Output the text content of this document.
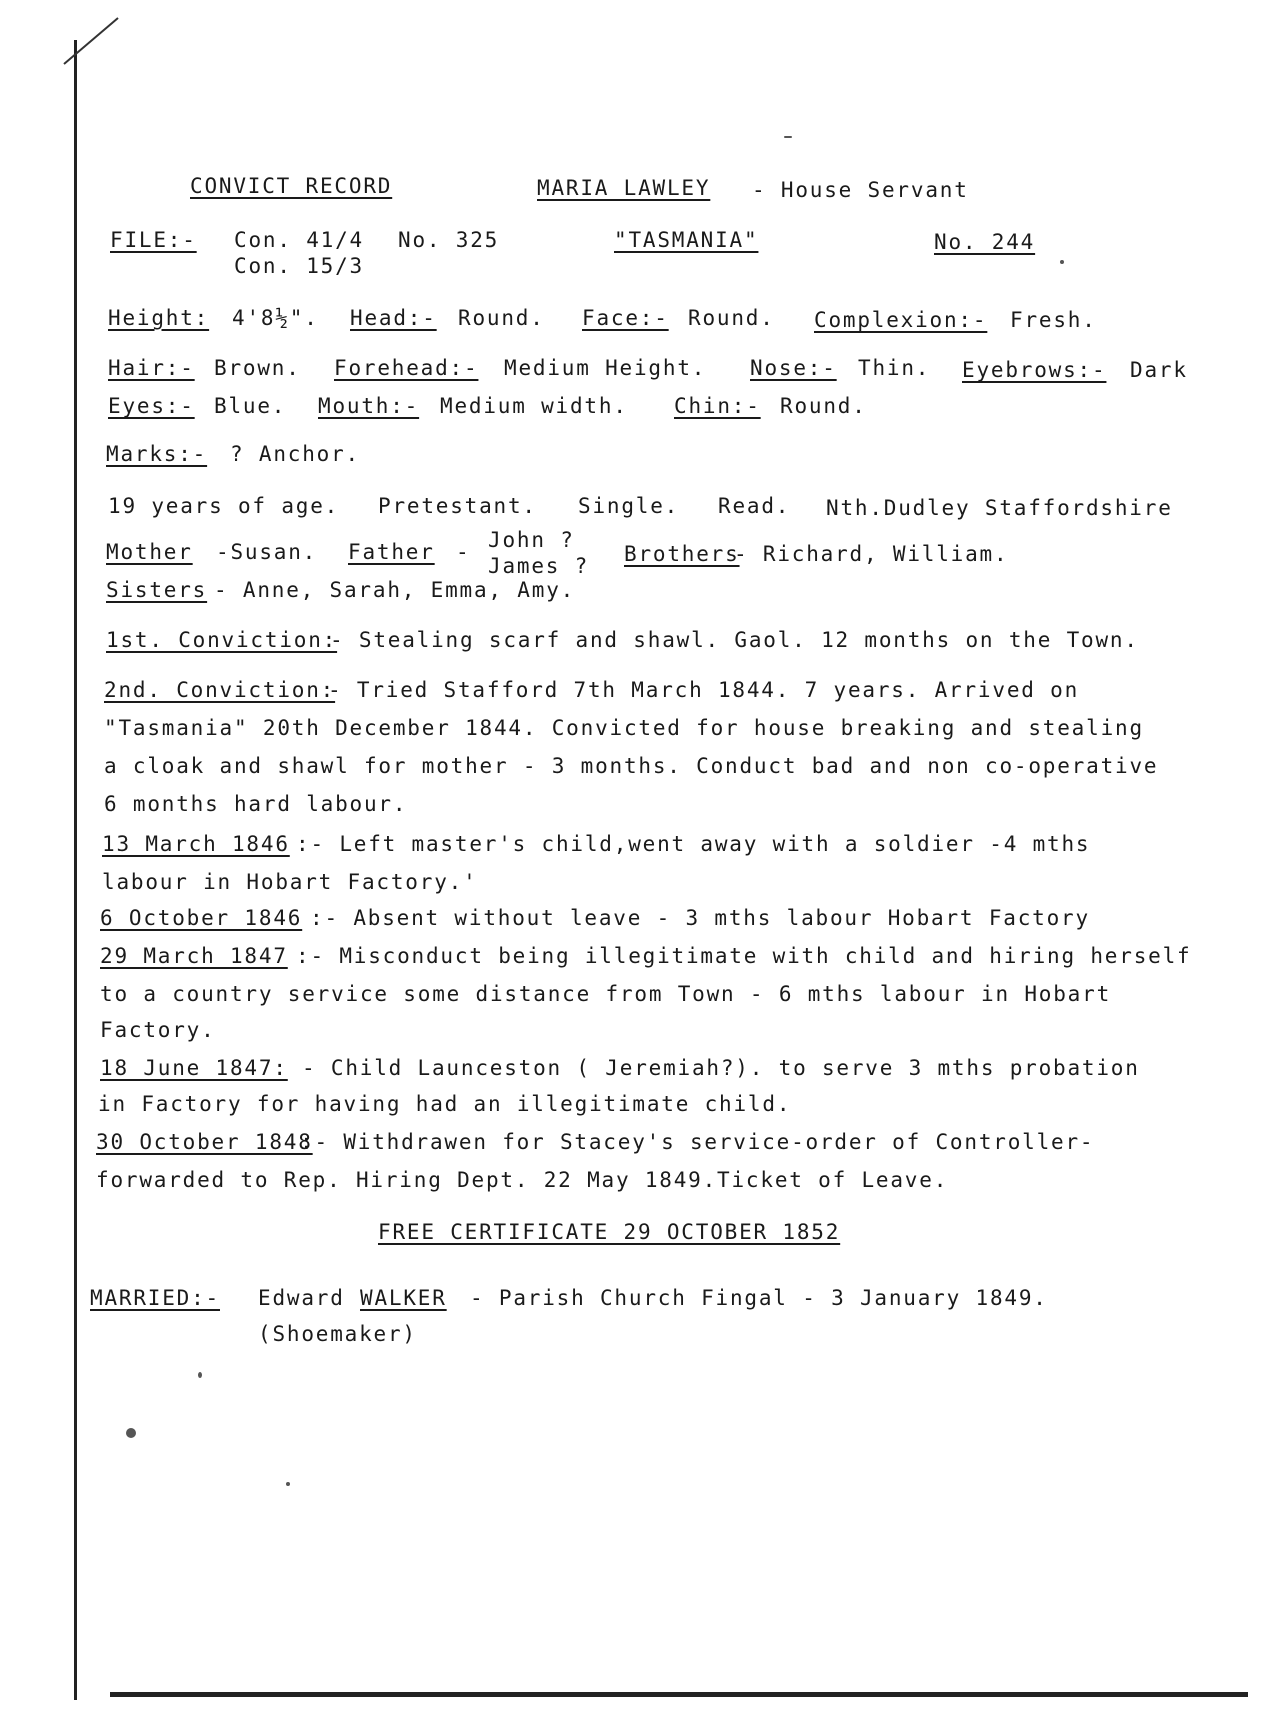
CONVICT RECORD	MARIA LAWLEY - House Servant
FILE:- Con. 41/4 No. 325
Con. 15/3
"TASMANIA"	No. 244
Height: 4'8½". Head:- Round. Face:- Round. Complexion:- Fresh.
Hair:- Brown. Forehead:- Medium Height. Nose:- Thin. Eyebrows:- Dark
Eyes:- Blue. Mouth:- Medium width. Chin:- Round.
Marks:- ? Anchor.
19 years of age. Pretestant. Single. Read. Nth.Dudley Staffordshire
Mother -Susan. Father - John ?
James ? Brothers
- Richard, William.
Sisters - Anne, Sarah, Emma, Amy.
1st. Conviction:
- Stealing scarf and shawl. Gaol. 12 months on the Town.
2nd. Conviction:
- Tried Stafford 7th March 1844. 7 years. Arrived on
"Tasmania" 20th December 1844. Convicted for house breaking and stealing
a cloak and shawl for mother - 3 months. Conduct bad and non co-operative
6 months hard labour.
13 March 1846 :- Left master's child,went away with a soldier -4 mths
labour in Hobart Factory.'
6 October 1846 :- Absent without leave - 3 mths labour Hobart Factory
29 March 1847 :- Misconduct being illegitimate with child and hiring herself
to a country service some distance from Town - 6 mths labour in Hobart
Factory.
18 June 1847: - Child Launceston ( Jeremiah?). to serve 3 mths probation
in Factory for having had an illegitimate child.
30 October 1848
:- Withdrawen for Stacey's service-order of Controller-
forwarded to Rep. Hiring Dept. 22 May 1849.Ticket of Leave.
FREE CERTIFICATE 29 OCTOBER 1852
MARRIED:- Edward WALKER - Parish Church Fingal - 3 January 1849.
(Shoemaker)
